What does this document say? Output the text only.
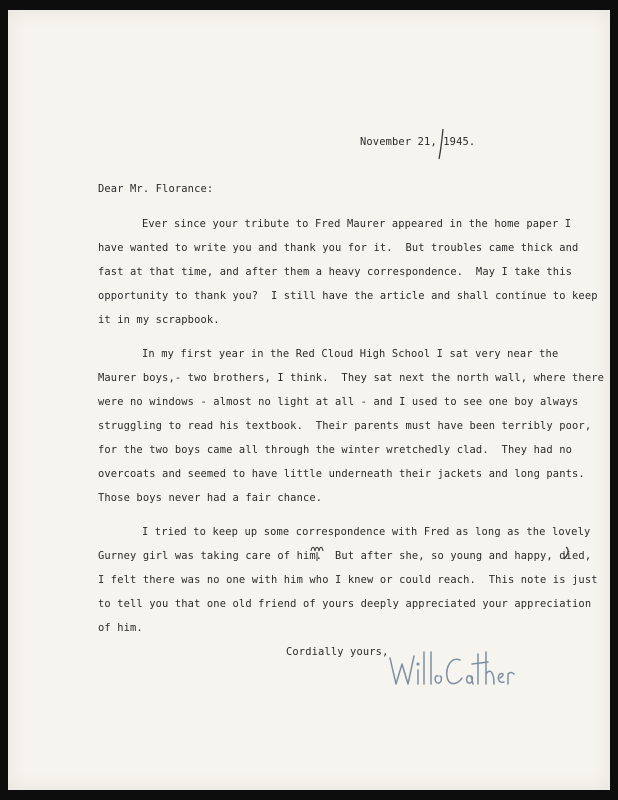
November 21, 1945.
Dear Mr. Florance:
Ever since your tribute to Fred Maurer appeared in the home paper I
have wanted to write you and thank you for it.  But troubles came thick and
fast at that time, and after them a heavy correspondence.  May I take this
opportunity to thank you?  I still have the article and shall continue to keep
it in my scrapbook.
In my first year in the Red Cloud High School I sat very near the
Maurer boys,- two brothers, I think.  They sat next the north wall, where there
were no windows - almost no light at all - and I used to see one boy always
struggling to read his textbook.  Their parents must have been terribly poor,
for the two boys came all through the winter wretchedly clad.  They had no
overcoats and seemed to have little underneath their jackets and long pants.
Those boys never had a fair chance.
I tried to keep up some correspondence with Fred as long as the lovely
Gurney girl was taking care of him.  But after she, so young and happy, died,
I felt there was no one with him who I knew or could reach.  This note is just
to tell you that one old friend of yours deeply appreciated your appreciation
of him.
Cordially yours,
